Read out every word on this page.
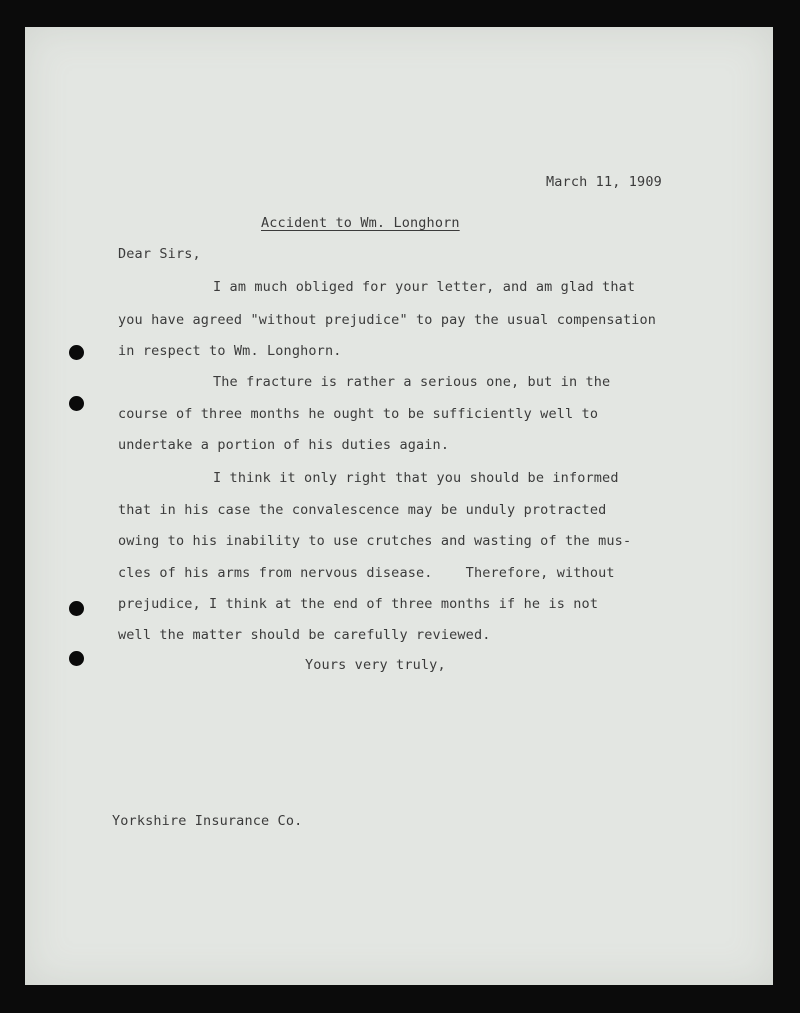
March 11, 1909
Accident to Wm. Longhorn
Dear Sirs,
I am much obliged for your letter, and am glad that
you have agreed "without prejudice" to pay the usual compensation
in respect to Wm. Longhorn.
The fracture is rather a serious one, but in the
course of three months he ought to be sufficiently well to
undertake a portion of his duties again.
I think it only right that you should be informed
that in his case the convalescence may be unduly protracted
owing to his inability to use crutches and wasting of the mus-
cles of his arms from nervous disease.    Therefore, without
prejudice, I think at the end of three months if he is not
well the matter should be carefully reviewed.
Yours very truly,
Yorkshire Insurance Co.
